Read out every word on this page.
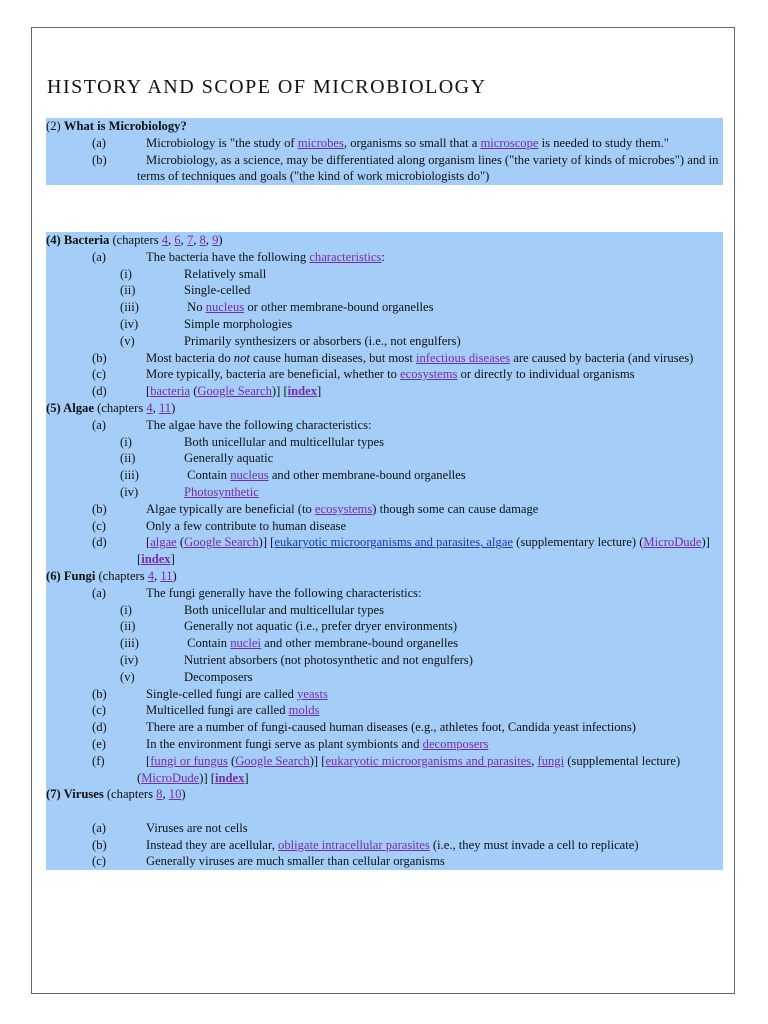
HISTORY AND SCOPE OF MICROBIOLOGY
(2) What is Microbiology?
(a)	Microbiology is "the study of microbes, organisms so small that a microscope is needed to study them."
(b)	Microbiology, as a science, may be differentiated along organism lines ("the variety of kinds of microbes") and in terms of techniques and goals ("the kind of work microbiologists do")
(4) Bacteria (chapters 4, 6, 7, 8, 9)
(a)	The bacteria have the following characteristics:
(i)	Relatively small
(ii)	Single-celled
(iii)	No nucleus or other membrane-bound organelles
(iv)	Simple morphologies
(v)	Primarily synthesizers or absorbers (i.e., not engulfers)
(b)	Most bacteria do not cause human diseases, but most infectious diseases are caused by bacteria (and viruses)
(c)	More typically, bacteria are beneficial, whether to ecosystems or directly to individual organisms
(d)	[bacteria (Google Search)] [index]
(5) Algae (chapters 4, 11)
(a)	The algae have the following characteristics:
(i)	Both unicellular and multicellular types
(ii)	Generally aquatic
(iii)	Contain nucleus and other membrane-bound organelles
(iv)	Photosynthetic
(b)	Algae typically are beneficial (to ecosystems) though some can cause damage
(c)	Only a few contribute to human disease
(d)	[algae (Google Search)] [eukaryotic microorganisms and parasites, algae (supplementary lecture) (MicroDude)] [index]
(6) Fungi (chapters 4, 11)
(a)	The fungi generally have the following characteristics:
(i)	Both unicellular and multicellular types
(ii)	Generally not aquatic (i.e., prefer dryer environments)
(iii)	Contain nuclei and other membrane-bound organelles
(iv)	Nutrient absorbers (not photosynthetic and not engulfers)
(v)	Decomposers
(b)	Single-celled fungi are called yeasts
(c)	Multicelled fungi are called molds
(d)	There are a number of fungi-caused human diseases (e.g., athletes foot, Candida yeast infections)
(e)	In the environment fungi serve as plant symbionts and decomposers
(f)	[fungi or fungus (Google Search)] [eukaryotic microorganisms and parasites, fungi (supplemental lecture) (MicroDude)] [index]
(7) Viruses (chapters 8, 10)
(a)	Viruses are not cells
(b)	Instead they are acellular, obligate intracellular parasites (i.e., they must invade a cell to replicate)
(c)	Generally viruses are much smaller than cellular organisms
